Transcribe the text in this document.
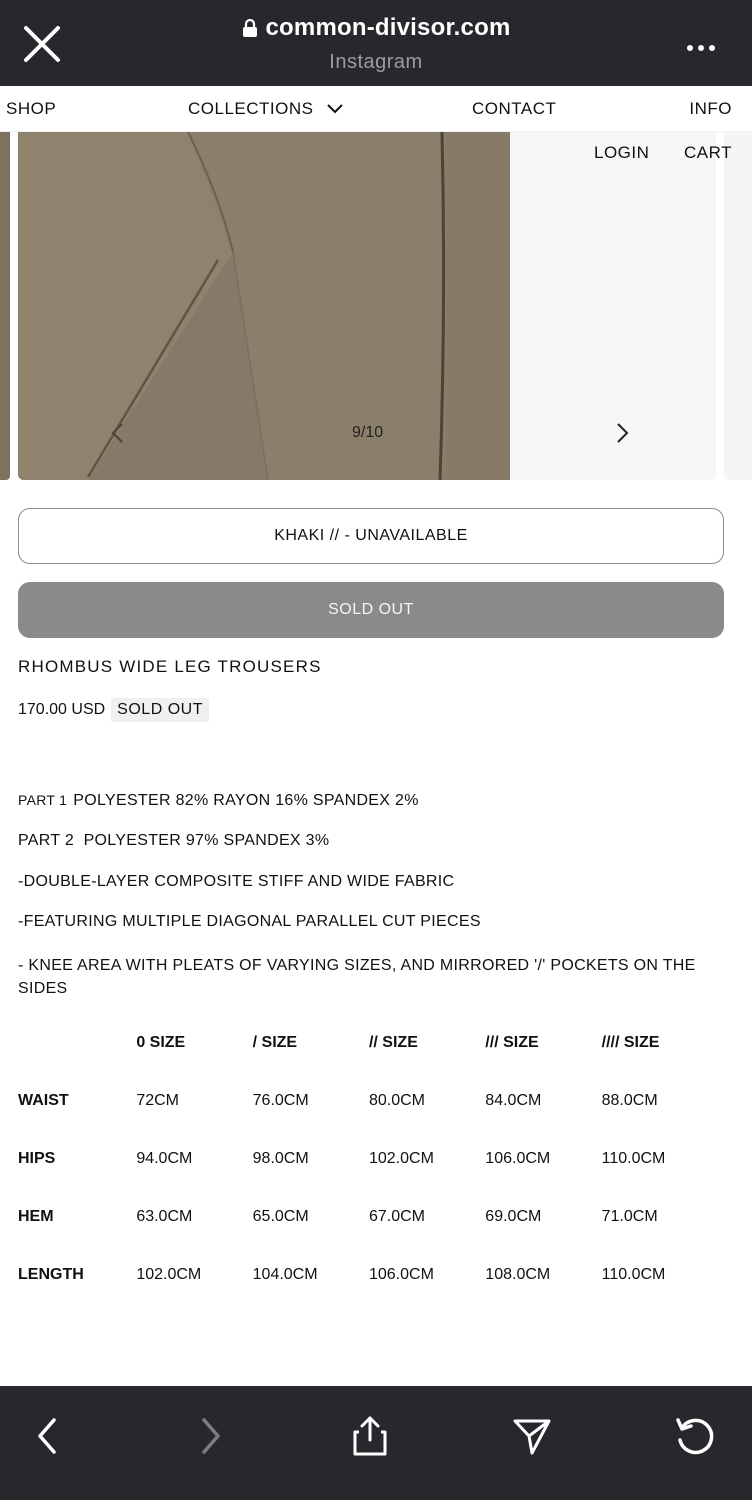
common-divisor.com
Instagram
SHOP	COLLECTIONS	CONTACT	INFO
LOGIN CART
9/10
KHAKI // - UNAVAILABLE
SOLD OUT
RHOMBUS WIDE LEG TROUSERS
170.00 USD SOLD OUT
PART 1 POLYESTER 82% RAYON 16% SPANDEX 2%
PART 2 POLYESTER 97% SPANDEX 3%
-DOUBLE-LAYER COMPOSITE STIFF AND WIDE FABRIC
-FEATURING MULTIPLE DIAGONAL PARALLEL CUT PIECES
- KNEE AREA WITH PLEATS OF VARYING SIZES, AND MIRRORED '/' POCKETS ON THE SIDES
	0 SIZE	/ SIZE	// SIZE	/// SIZE	//// SIZE
WAIST	72CM	76.0CM	80.0CM	84.0CM	88.0CM
HIPS	94.0CM	98.0CM	102.0CM	106.0CM	110.0CM
HEM	63.0CM	65.0CM	67.0CM	69.0CM	71.0CM
LENGTH	102.0CM	104.0CM	106.0CM	108.0CM	110.0CM
